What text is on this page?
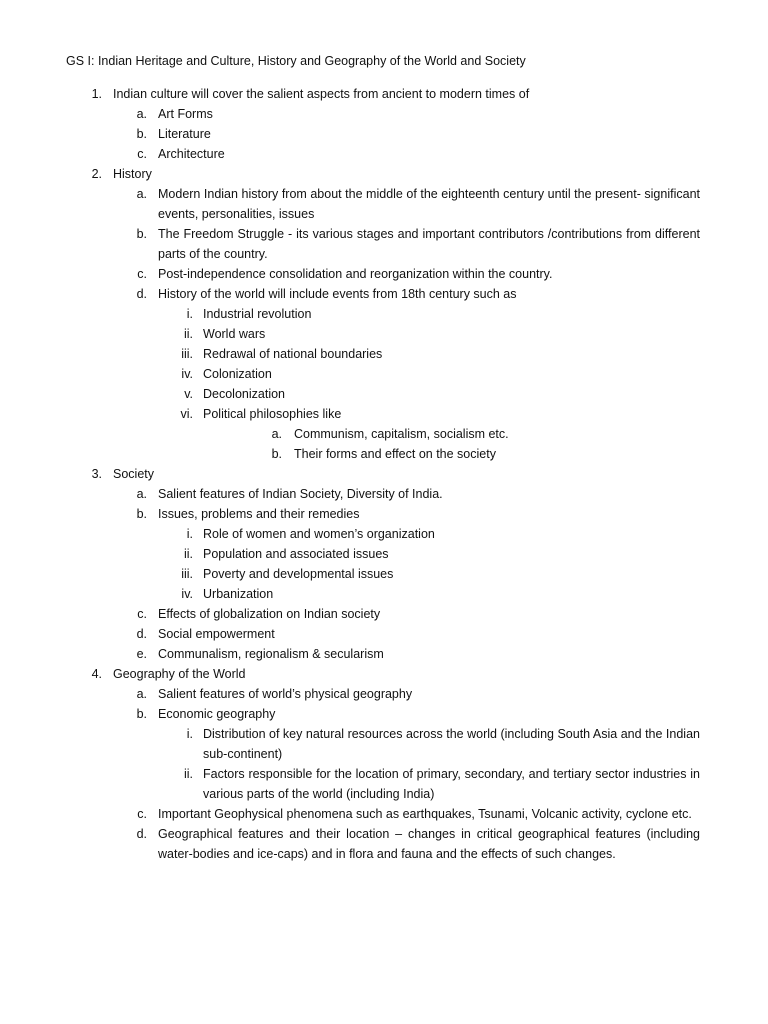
GS I: Indian Heritage and Culture, History and Geography of the World and Society
1. Indian culture will cover the salient aspects from ancient to modern times of
a. Art Forms
b. Literature
c. Architecture
2. History
a. Modern Indian history from about the middle of the eighteenth century until the present- significant events, personalities, issues
b. The Freedom Struggle - its various stages and important contributors /contributions from different parts of the country.
c. Post-independence consolidation and reorganization within the country.
d. History of the world will include events from 18th century such as
i. Industrial revolution
ii. World wars
iii. Redrawal of national boundaries
iv. Colonization
v. Decolonization
vi. Political philosophies like
a. Communism, capitalism, socialism etc.
b. Their forms and effect on the society
3. Society
a. Salient features of Indian Society, Diversity of India.
b. Issues, problems and their remedies
i. Role of women and women’s organization
ii. Population and associated issues
iii. Poverty and developmental issues
iv. Urbanization
c. Effects of globalization on Indian society
d. Social empowerment
e. Communalism, regionalism & secularism
4. Geography of the World
a. Salient features of world’s physical geography
b. Economic geography
i. Distribution of key natural resources across the world (including South Asia and the Indian sub-continent)
ii. Factors responsible for the location of primary, secondary, and tertiary sector industries in various parts of the world (including India)
c. Important Geophysical phenomena such as earthquakes, Tsunami, Volcanic activity, cyclone etc.
d. Geographical features and their location – changes in critical geographical features (including water-bodies and ice-caps) and in flora and fauna and the effects of such changes.
